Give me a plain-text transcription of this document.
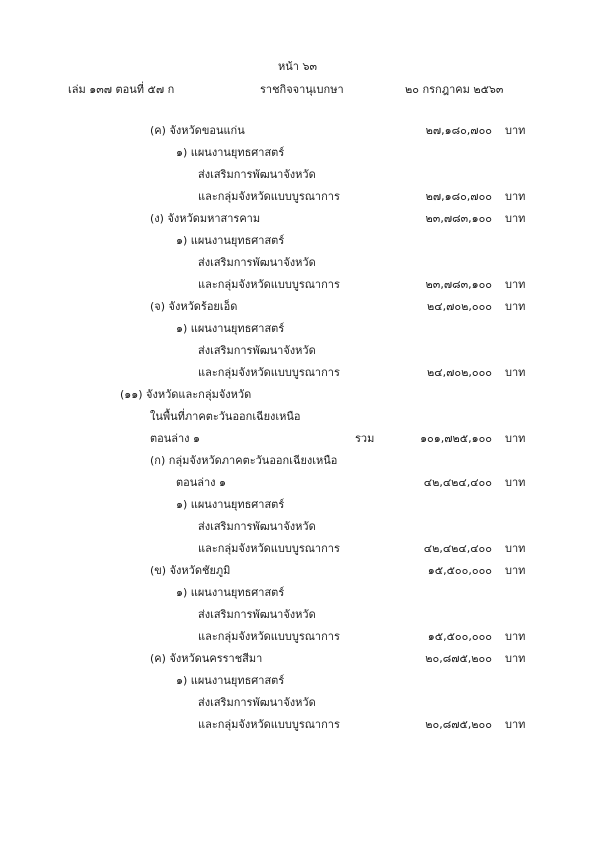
หน้า ๖๓
เล่ม ๑๓๗ ตอนที่ ๕๗ ก	ราชกิจจานุเบกษา	๒๐ กรกฎาคม ๒๕๖๓
(ค) จังหวัดขอนแก่น	๒๗,๑๘๐,๗๐๐ บาท
๑) แผนงานยุทธศาสตร์
ส่งเสริมการพัฒนาจังหวัด
และกลุ่มจังหวัดแบบบูรณาการ	๒๗,๑๘๐,๗๐๐ บาท
(ง) จังหวัดมหาสารคาม	๒๓,๗๘๓,๑๐๐ บาท
๑) แผนงานยุทธศาสตร์
ส่งเสริมการพัฒนาจังหวัด
และกลุ่มจังหวัดแบบบูรณาการ	๒๓,๗๘๓,๑๐๐ บาท
(จ) จังหวัดร้อยเอ็ด	๒๔,๗๐๒,๐๐๐ บาท
๑) แผนงานยุทธศาสตร์
ส่งเสริมการพัฒนาจังหวัด
และกลุ่มจังหวัดแบบบูรณาการ	๒๔,๗๐๒,๐๐๐ บาท
(๑๑) จังหวัดและกลุ่มจังหวัด
ในพื้นที่ภาคตะวันออกเฉียงเหนือ
ตอนล่าง ๑	รวม	๑๐๑,๗๒๕,๑๐๐ บาท
(ก) กลุ่มจังหวัดภาคตะวันออกเฉียงเหนือ
ตอนล่าง ๑	๔๒,๔๒๔,๔๐๐ บาท
๑) แผนงานยุทธศาสตร์
ส่งเสริมการพัฒนาจังหวัด
และกลุ่มจังหวัดแบบบูรณาการ	๔๒,๔๒๔,๔๐๐ บาท
(ข) จังหวัดชัยภูมิ	๑๕,๕๐๐,๐๐๐ บาท
๑) แผนงานยุทธศาสตร์
ส่งเสริมการพัฒนาจังหวัด
และกลุ่มจังหวัดแบบบูรณาการ	๑๕,๕๐๐,๐๐๐ บาท
(ค) จังหวัดนครราชสีมา	๒๐,๘๗๕,๒๐๐ บาท
๑) แผนงานยุทธศาสตร์
ส่งเสริมการพัฒนาจังหวัด
และกลุ่มจังหวัดแบบบูรณาการ	๒๐,๘๗๕,๒๐๐ บาท
